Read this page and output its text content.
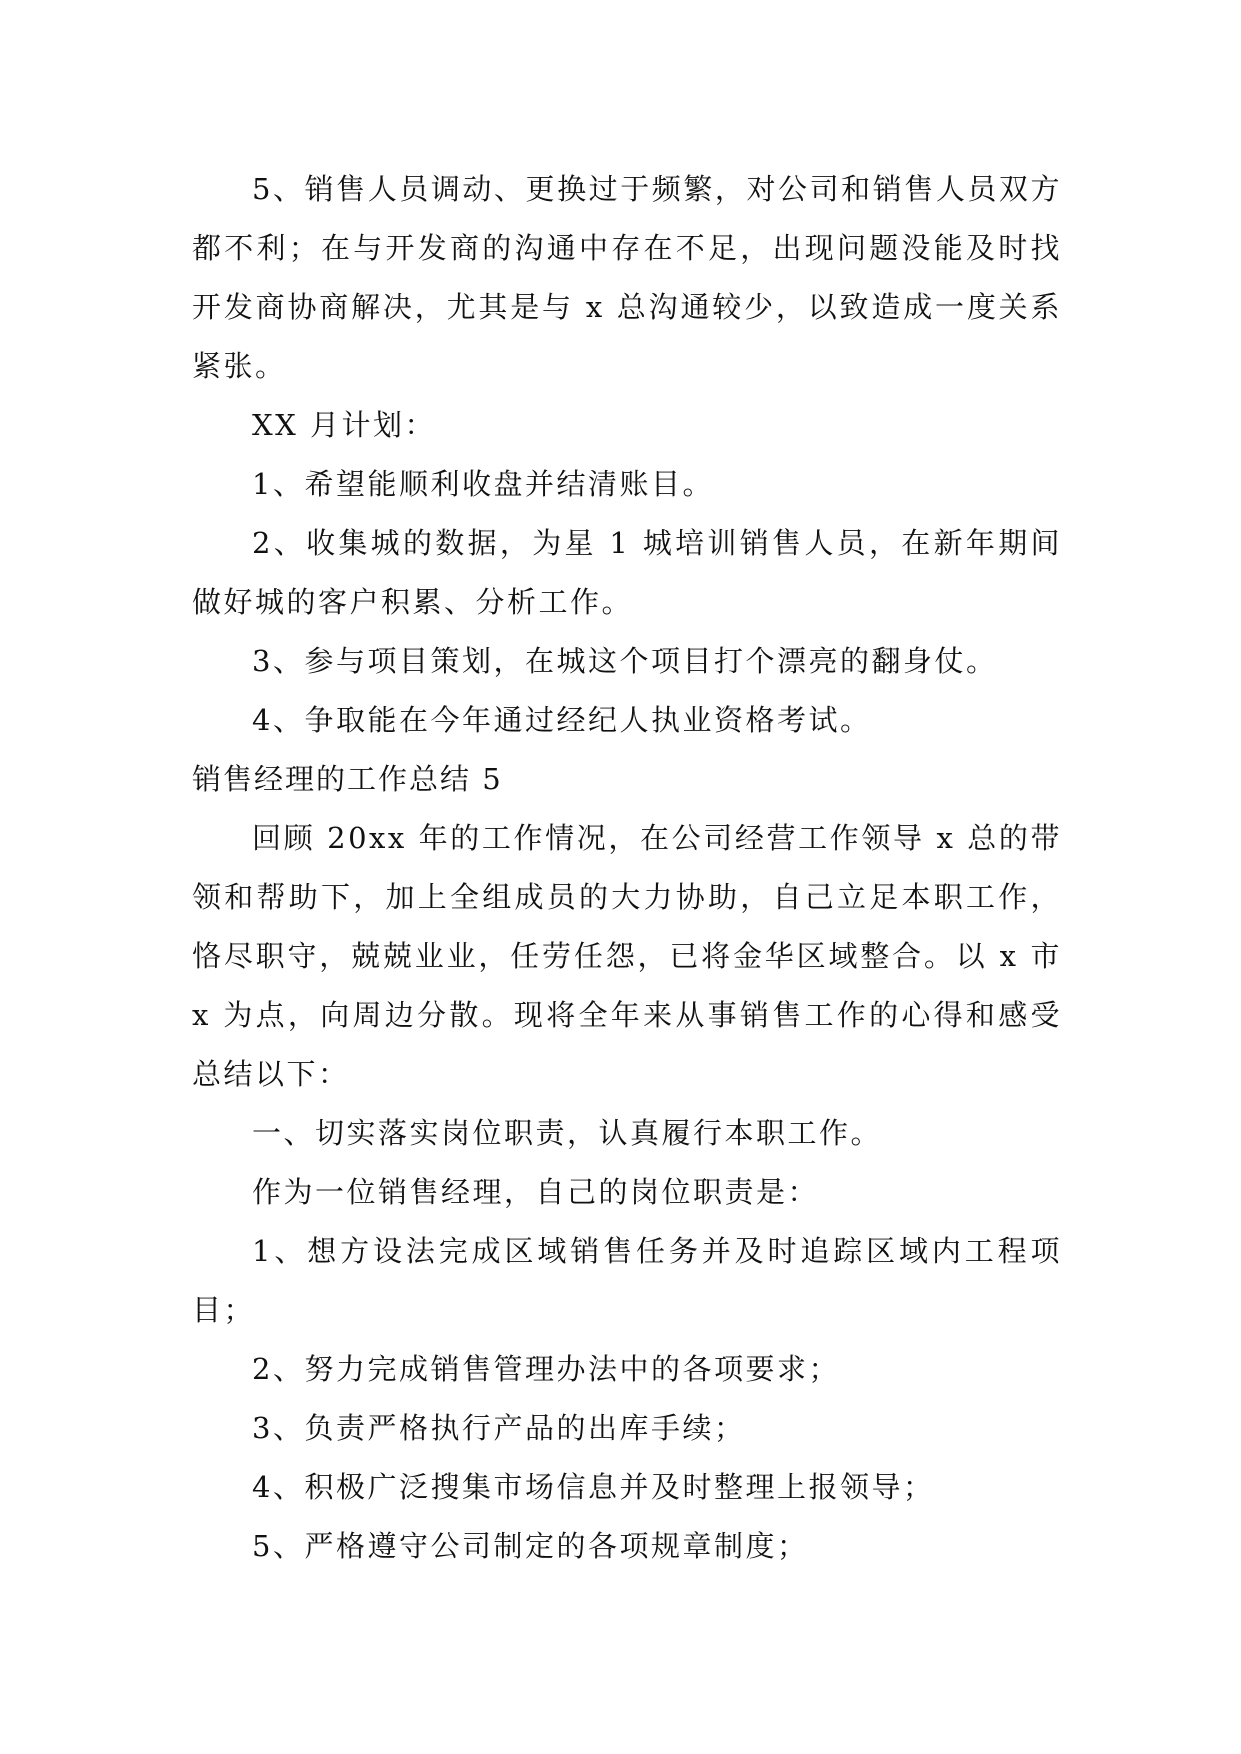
5、销售人员调动、更换过于频繁，对公司和销售人员双方都不利；在与开发商的沟通中存在不足，出现问题没能及时找开发商协商解决，尤其是与 x 总沟通较少，以致造成一度关系紧张。

XX 月计划：

1、希望能顺利收盘并结清账目。

2、收集城的数据，为星 1 城培训销售人员，在新年期间做好城的客户积累、分析工作。

3、参与项目策划，在城这个项目打个漂亮的翻身仗。

4、争取能在今年通过经纪人执业资格考试。

销售经理的工作总结 5

回顾 20xx 年的工作情况，在公司经营工作领导 x 总的带领和帮助下，加上全组成员的大力协助，自己立足本职工作，恪尽职守，兢兢业业，任劳任怨，已将金华区域整合。以 x 市 x 为点，向周边分散。现将全年来从事销售工作的心得和感受总结以下：

一、切实落实岗位职责，认真履行本职工作。

作为一位销售经理，自己的岗位职责是：

1、想方设法完成区域销售任务并及时追踪区域内工程项目；

2、努力完成销售管理办法中的各项要求；

3、负责严格执行产品的出库手续；

4、积极广泛搜集市场信息并及时整理上报领导；

5、严格遵守公司制定的各项规章制度；
